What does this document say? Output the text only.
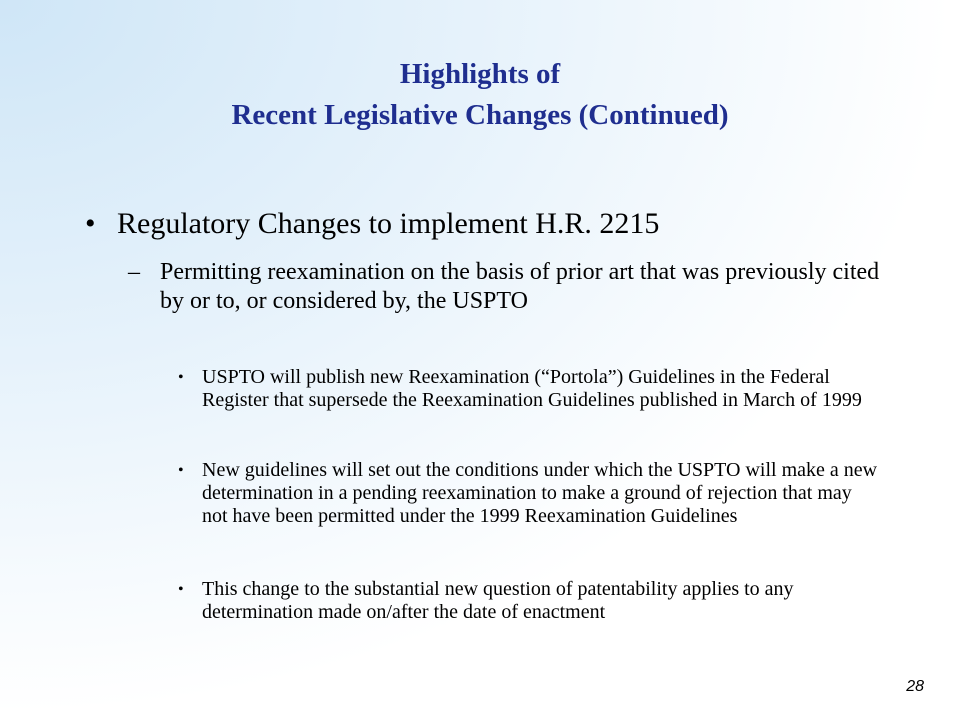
Highlights of
Recent Legislative Changes (Continued)
• Regulatory Changes to implement H.R. 2215
– Permitting reexamination on the basis of prior art that was previously cited by or to, or considered by, the USPTO
• USPTO will publish new Reexamination (“Portola”) Guidelines in the Federal Register that supersede the Reexamination Guidelines published in March of 1999
• New guidelines will set out the conditions under which the USPTO will make a new determination in a pending reexamination to make a ground of rejection that may not have been permitted under the 1999 Reexamination Guidelines
• This change to the substantial new question of patentability applies to any determination made on/after the date of enactment
28
